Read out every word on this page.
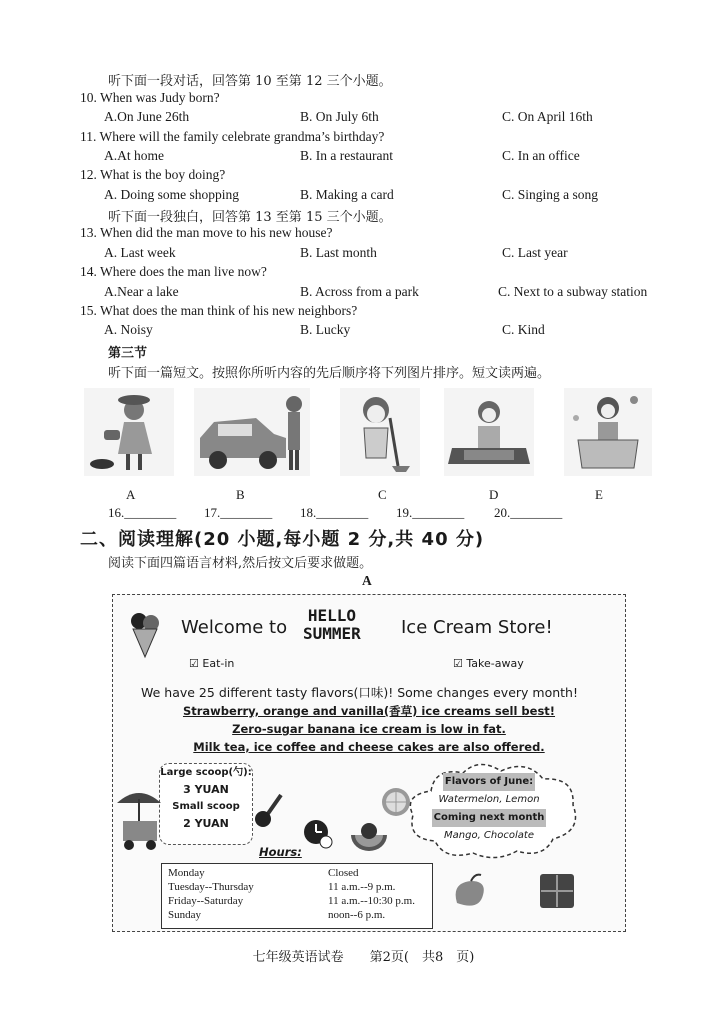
听下面一段对话，回答第 10 至第 12 三个小题。
10. When was Judy born?
A.On June 26th	B. On July 6th	C. On April 16th
11. Where will the family celebrate grandma’s birthday?
A.At home	B. In a restaurant	C. In an office
12. What is the boy doing?
A. Doing some shopping	B. Making a card	C. Singing a song
听下面一段独白，回答第 13 至第 15 三个小题。
13. When did the man move to his new house?
A. Last week	B. Last month	C. Last year
14. Where does the man live now?
A.Near a lake	B. Across from a park	C. Next to a subway station
15. What does the man think of his new neighbors?
A. Noisy	B. Lucky	C. Kind
第三节
听下面一篇短文。按照你所听内容的先后顺序将下列图片排序。短文读两遍。
A	B	C	D	E
16.________ 17.________ 18.________ 19.________ 20.________
二、阅读理解(20 小题,每小题 2 分,共 40 分)
阅读下面四篇语言材料,然后按文后要求做题。
A
Welcome to
HELLO
SUMMER Ice Cream Store!
☑ Eat-in	☑ Take-away
We have 25 different tasty flavors(口味)! Some changes every month!
Strawberry, orange and vanilla(香草) ice creams sell best!
Zero-sugar banana ice cream is low in fat.
Milk tea, ice coffee and cheese cakes are also offered.
Large scoop(勺):
3 YUAN
Small scoop
2 YUAN
Flavors of June:
Watermelon, Lemon
Coming next month
Mango, Chocolate
Hours:
Monday	Closed
Tuesday--Thursday	11 a.m.--9 p.m.
Friday--Saturday	11 a.m.--10:30 p.m.
Sunday	noon--6 p.m.
七年级英语试卷　　第2页(　共8　页)
